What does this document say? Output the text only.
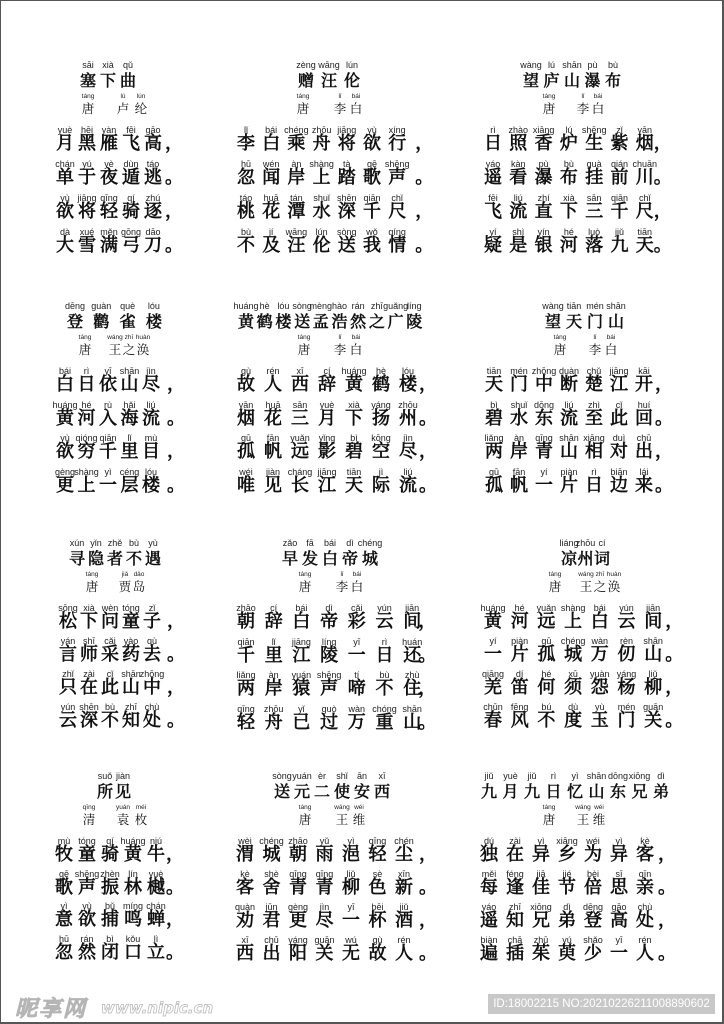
sāi
塞
xià
下
qǔ
曲
táng
唐
lú
卢
lún
纶
yuè
月
hēi
黑
yàn
雁
fēi
飞
gāo
高 ，
chán
单
yú
于
yè
夜
dùn
遁
táo
逃 。
yù
欲
jiāng
将
qīng
轻
qí
骑
zhú
逐 ，
dà
大
xué
雪
měn
满
gōng
弓
dāo
刀 。
zèng
赠
wāng
汪
lún
伦
táng
唐
lǐ
李
bái
白
lǐ
李
bái
白
chéng
乘
zhōu
舟
jiāng
将
yù
欲
xíng
行 ，
hū
忽
wén
闻
àn
岸
shàng
上
tà
踏
gē
歌
shēng
声 。
táo
桃
huā
花
tán
潭
shuǐ
水
shēn
深
qiān
千
chǐ
尺 ，
bù
不
jí
及
wāng
汪
lún
伦
sòng
送
wǒ
我
qíng
情 。
wàng
望
lú
庐
shān
山
pù
瀑
bù
布
táng
唐
lǐ
李
bái
白
rì
日
zhào
照
xiāng
香
lú
炉
shēng
生
zǐ
紫
yān
烟 ，
yáo
遥
kàn
看
pù
瀑
bù
布
guà
挂
qián
前
chuān
川 。
fēi
飞
liú
流
zhí
直
xià
下
sān
三
qiān
千
chǐ
尺 ，
yí
疑
shì
是
yín
银
hé
河
luò
落
jiǔ
九
tiān
天 。
dēng
登
guàn
鹳
què
雀
lóu
楼
táng
唐
wáng
王
zhī
之
huàn
涣
bái
白
rì
日
yī
依
shān
山
jìn
尽 ，
huáng
黄
hé
河
rù
入
hǎi
海
liú
流 。
yù
欲
qióng
穷
qiān
千
lǐ
里
mù
目 ，
gèng
更
shàng
上
yì
一
céng
层
lóu
楼 。
huáng
黄
hè
鹤
lóu
楼
sòng
送
mèng
孟
hào
浩
rán
然
zhī
之
guǎng
广
líng
陵
táng
唐
lǐ
李
bái
白
gù
故
rén
人
xī
西
cí
辞
huáng
黄
hè
鹤
lóu
楼 ，
yān
烟
huā
花
sān
三
yuè
月
xià
下
yáng
扬
zhōu
州 。
gū
孤
fān
帆
yuǎn
远
yǐng
影
bì
碧
kōng
空
jìn
尽 ，
wéi
唯
jiàn
见
cháng
长
jiāng
江
tiān
天
jì
际
liú
流 。
wàng
望
tiān
天
mén
门
shān
山
táng
唐
lǐ
李
bái
白
tiān
天
mén
门
zhōng
中
duàn
断
chǔ
楚
jiāng
江
kāi
开 ，
bì
碧
shuǐ
水
dōng
东
liú
流
zhì
至
cǐ
此
huí
回 。
liǎng
两
àn
岸
qīng
青
shān
山
xiāng
相
duì
对
chū
出 ，
gū
孤
fān
帆
yí
一
piàn
片
rì
日
biān
边
lái
来 。
xún
寻
yǐn
隐
zhě
者
bù
不
yù
遇
táng
唐
jiǎ
贾
dǎo
岛
sōng
松
xià
下
wèn
问
tóng
童
zǐ
子 ，
yán
言
shī
师
cǎi
采
yào
药
qù
去 。
zhǐ
只
zài
在
cǐ
此
shān
山
zhōng
中 ，
yún
云
shēn
深
bù
不
zhī
知
chù
处 。
zǎo
早
fā
发
bái
白
dì
帝
chéng
城
táng
唐
lǐ
李
bái
白
zhāo
朝
cí
辞
bái
白
dì
帝
cǎi
彩
yún
云
jiān
间
，
qiān
千
lǐ
里
jiāng
江
líng
陵
yī
一
rì
日
huán
还
。
liǎng
两
àn
岸
yuán
猿
shēng
声
tí
啼
bù
不
zhù
住
，
qīng
轻
zhōu
舟
yǐ
已
guò
过
wàn
万
chóng
重
shān
山
。
liáng
凉
zhōu
州
cí
词
táng
唐
wáng
王
zhī
之
huàn
涣
huáng
黄
hé
河
yuǎn
远
shàng
上
bái
白
yún
云
jiān
间 ，
yí
一
piàn
片
gū
孤
chéng
城
wàn
万
rèn
仞
shān
山 。
qiāng
羌
dí
笛
hé
何
xū
须
yuàn
怨
yáng
杨
liǔ
柳 ，
chūn
春
fēng
风
bú
不
dù
度
yù
玉
mén
门
guān
关 。
suǒ
所
jiàn
见
qīng
清
yuán
袁
méi
枚
mù
牧
tóng
童
qí
骑
huáng
黄
niú
牛 ，
gē
歌
shēng
声
zhèn
振
lín
林
yuè
樾 。
yì
意
yù
欲
bǔ
捕
míng
鸣
chán
蝉 ，
hū
忽
rán
然
bì
闭
kǒu
口
lì
立 。
sòng
送
yuán
元
èr
二
shǐ
使
ān
安
xī
西
táng
唐
wáng
王
wéi
维
wèi
渭
chéng
城
zhāo
朝
yǔ
雨
yì
浥
qīng
轻
chén
尘 ，
kè
客
shè
舍
qīng
青
qīng
青
liǔ
柳
sè
色
xīn
新 。
quàn
劝
jūn
君
gèng
更
jìn
尽
yī
一
bēi
杯
jiǔ
酒 ，
xī
西
chū
出
yáng
阳
guān
关
wú
无
gù
故
rén
人 。
jiǔ
九
yuè
月
jiǔ
九
rì
日
yì
忆
shān
山
dōng
东
xiōng
兄
dì
弟
táng
唐
wáng
王
wéi
维
dú
独
zài
在
yì
异
xiāng
乡
wéi
为
yì
异
kè
客 ，
měi
每
féng
逢
jiā
佳
jié
节
bèi
倍
sī
思
qīn
亲 。
yáo
遥
zhī
知
xiōng
兄
dì
弟
dēng
登
gāo
高
chù
处 ，
biàn
遍
chā
插
zhū
茱
yú
萸
shǎo
少
yī
一
rén
人 。
昵享网 www.nipic.cn	ID:18002215 NO:20210226211008890602
